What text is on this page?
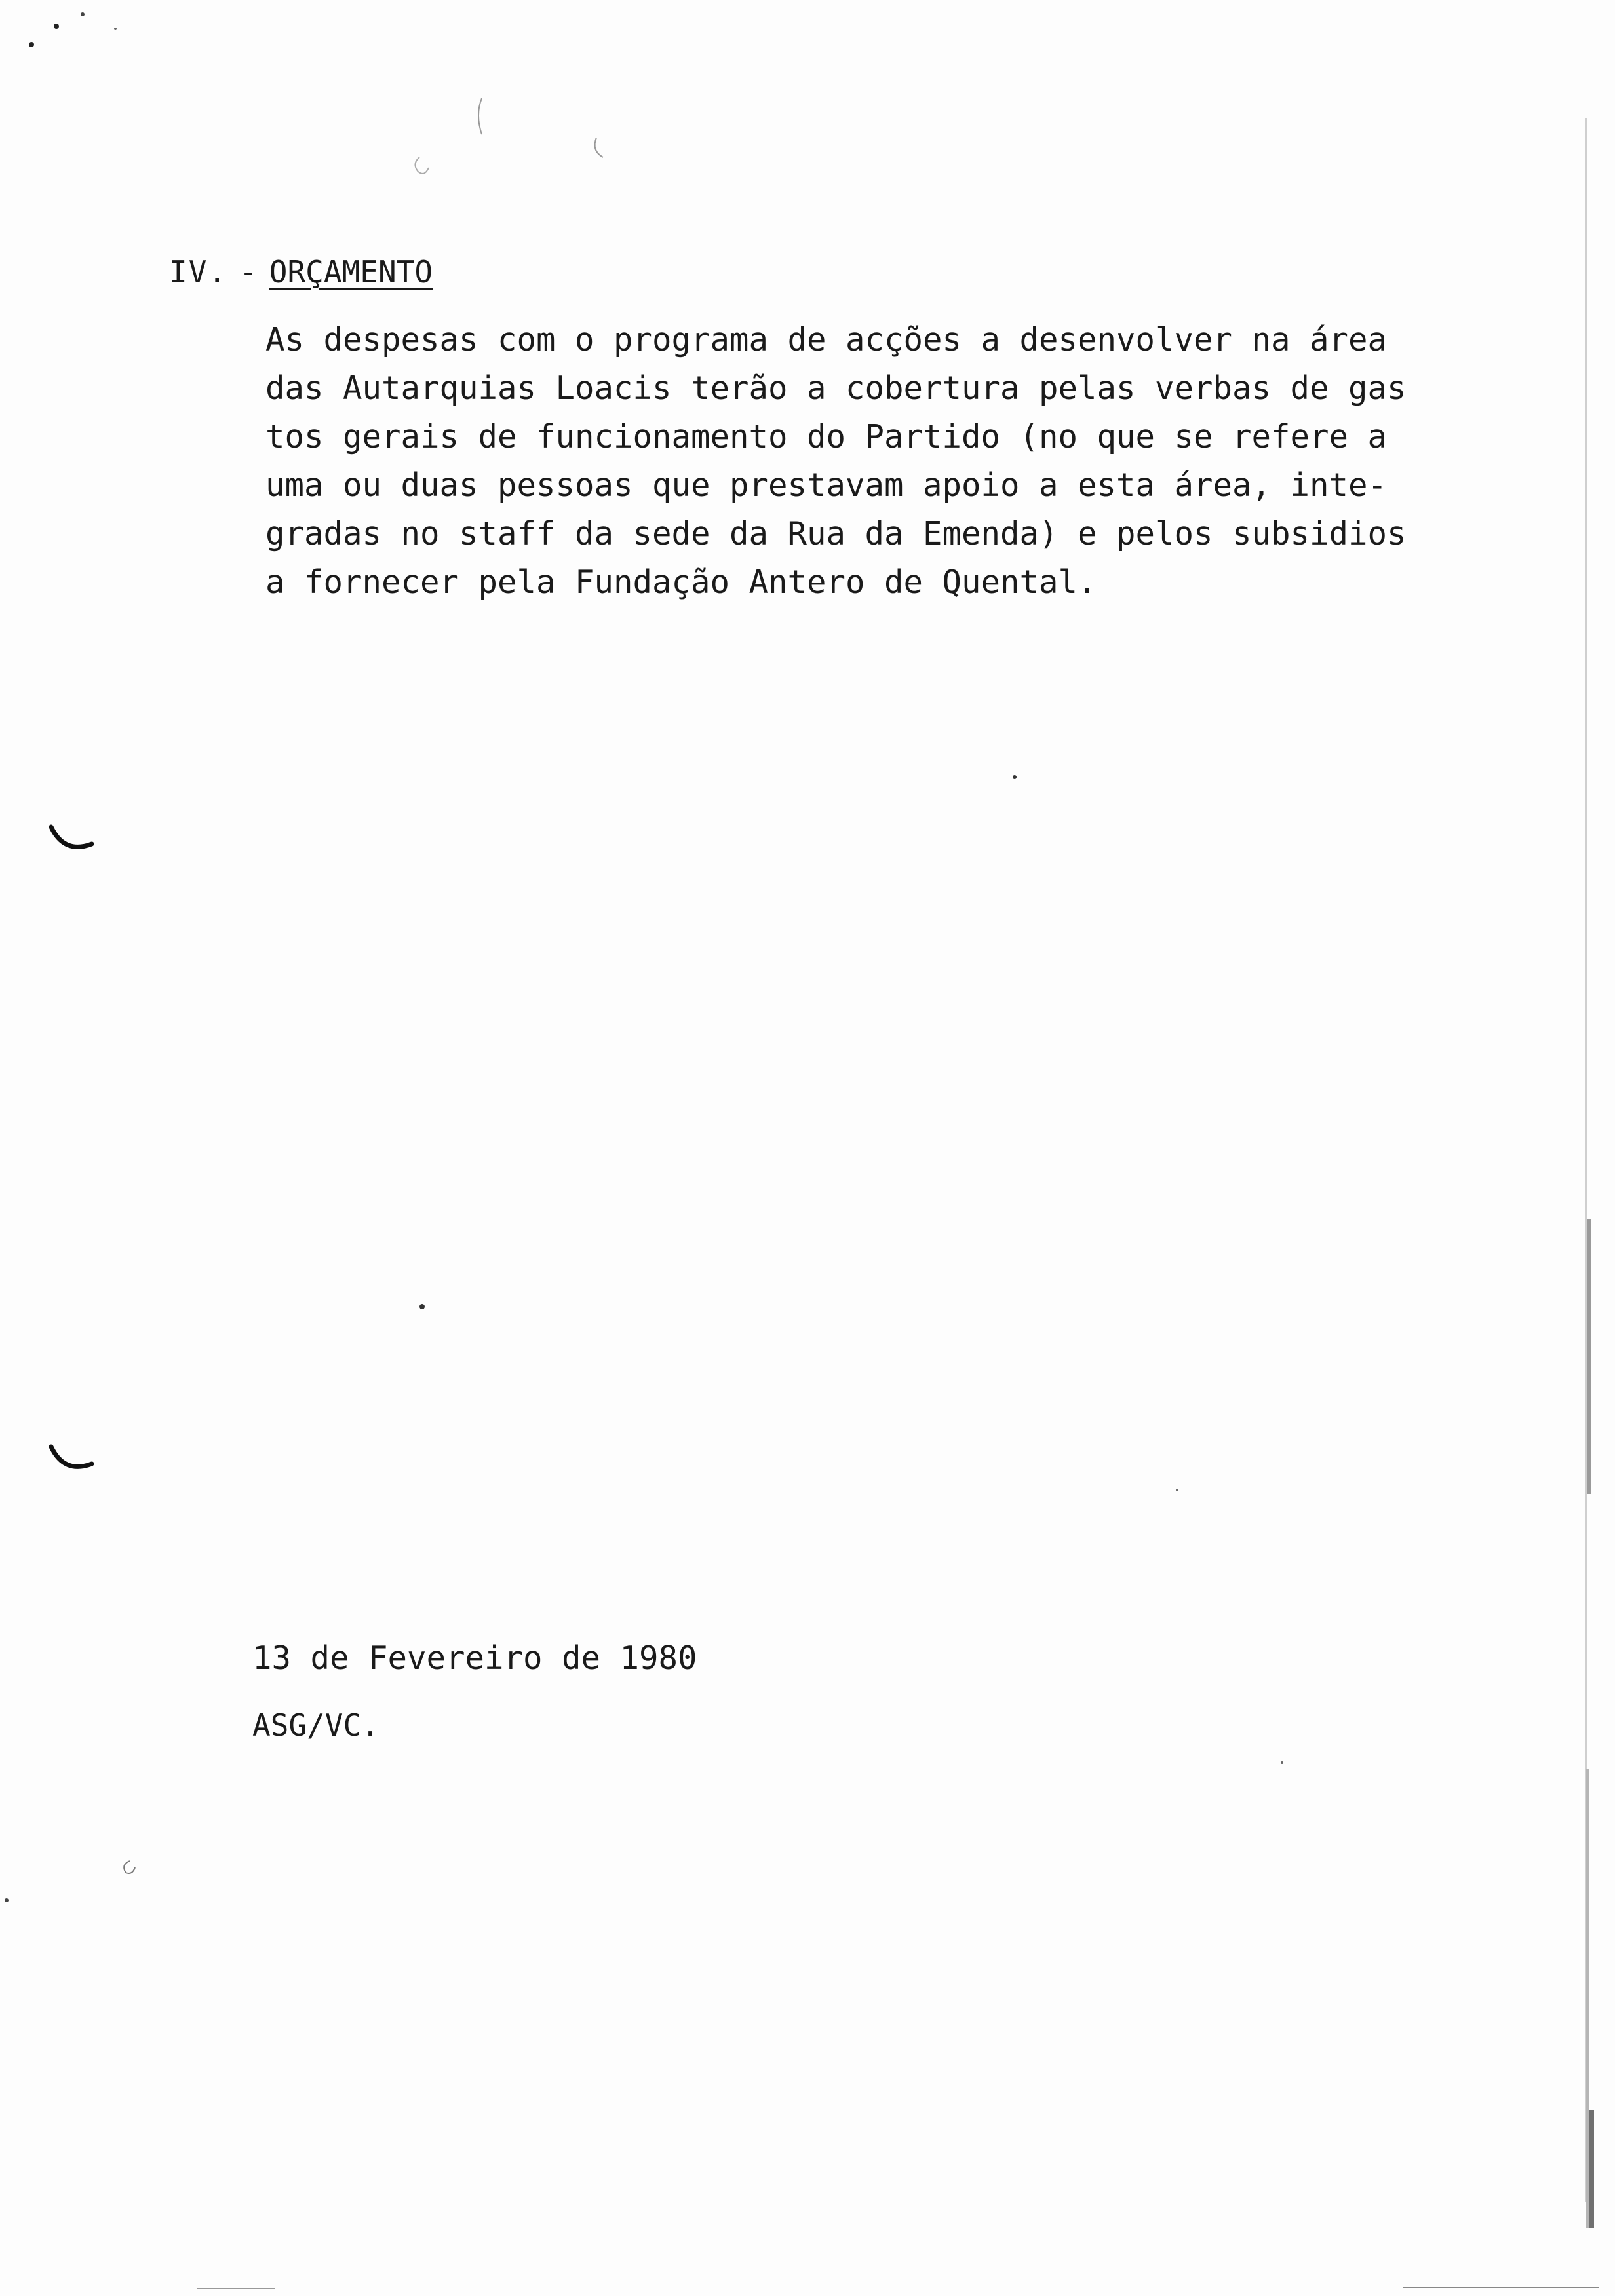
IV. - ORÇAMENTO
As despesas com o programa de acções a desenvolver na área
das Autarquias Loacis terão a cobertura pelas verbas de gas
tos gerais de funcionamento do Partido (no que se refere a
uma ou duas pessoas que prestavam apoio a esta área, inte-
gradas no staff da sede da Rua da Emenda) e pelos subsidios
a fornecer pela Fundação Antero de Quental.
13 de Fevereiro de 1980
ASG/VC.
